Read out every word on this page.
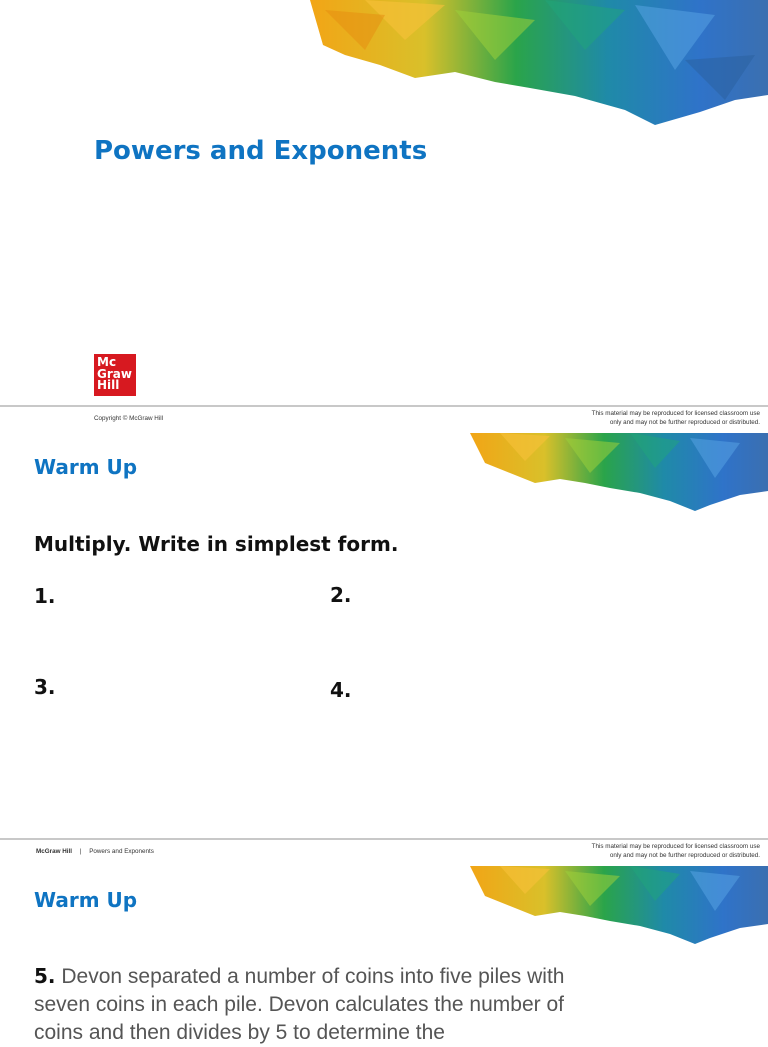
Powers and Exponents
Mc
Graw
Hill
Copyright © McGraw Hill
This material may be reproduced for licensed classroom use
only and may not be further reproduced or distributed.
Warm Up
Multiply. Write in simplest form.
1.	2.
3.	4.
McGraw Hill | Powers and Exponents
This material may be reproduced for licensed classroom use
only and may not be further reproduced or distributed.
Warm Up
5. Devon separated a number of coins into five piles with seven coins in each pile. Devon calculates the number of coins and then divides by 5 to determine the
